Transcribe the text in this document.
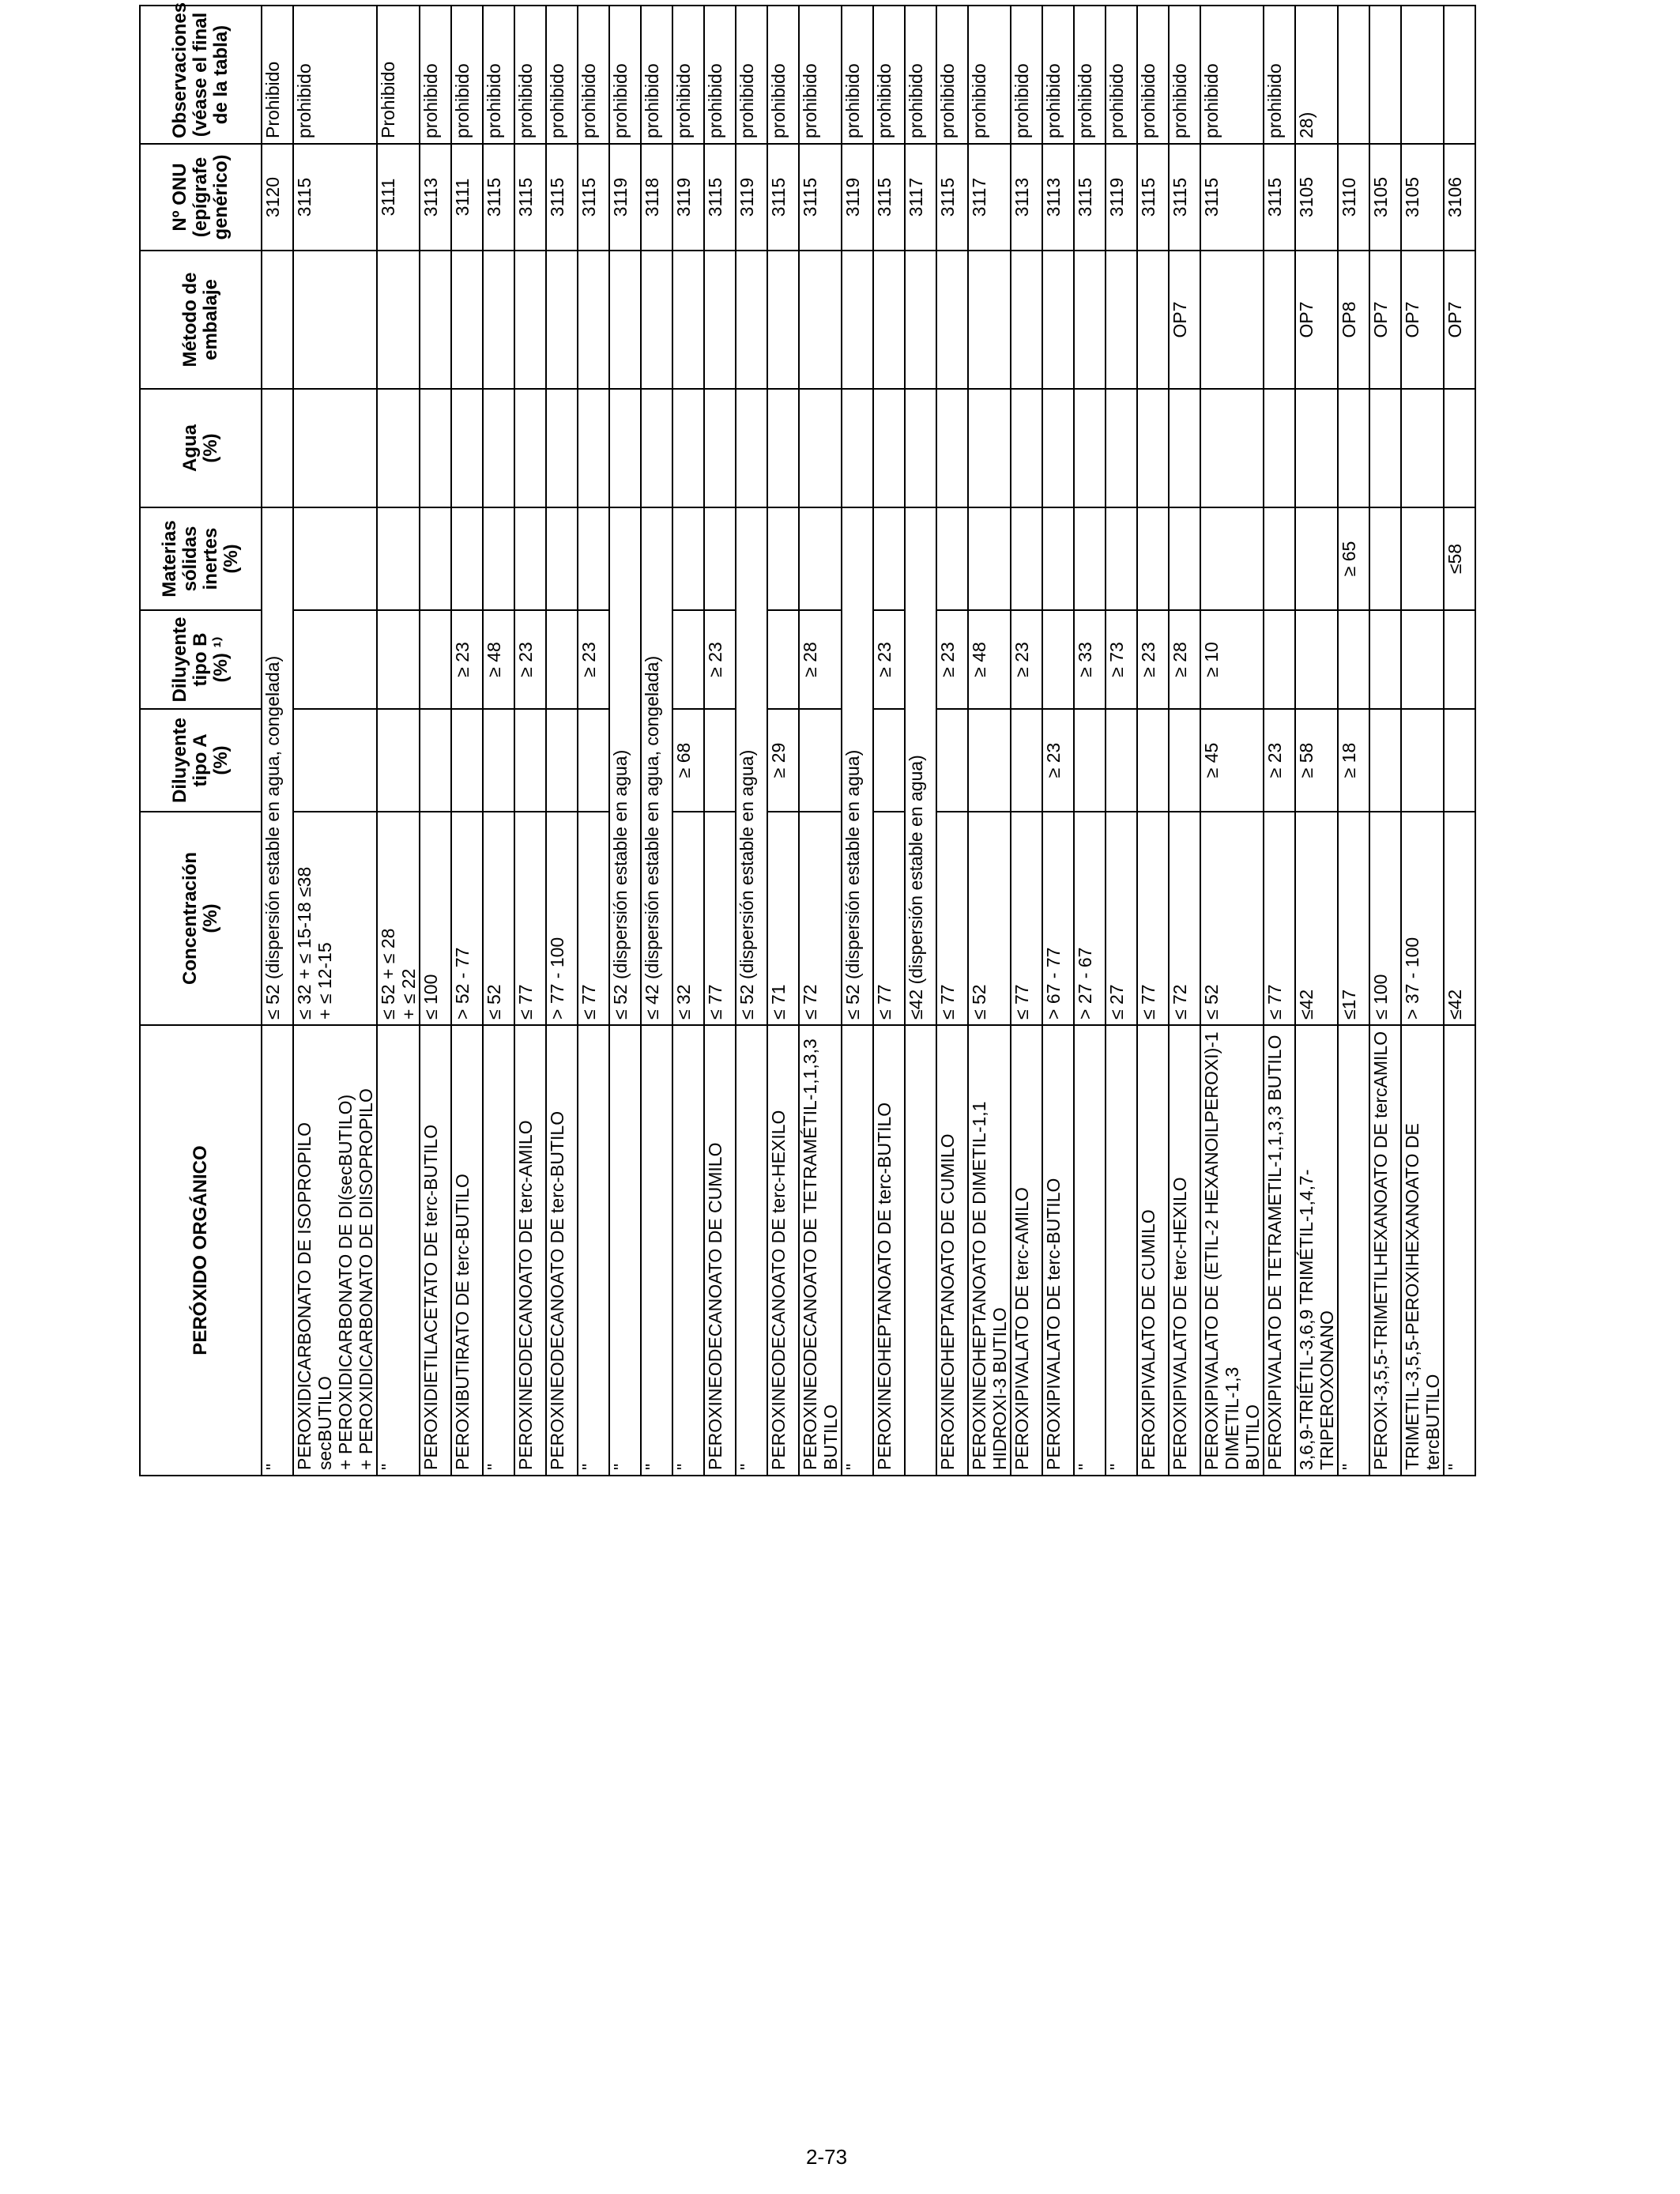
PERÓXIDO ORGÁNICO	Concentración
(%)	Diluyente
tipo A
(%)	Diluyente
tipo B
(%) ¹⁾	Materias
sólidas
inertes
(%)	Agua
(%)	Método de
embalaje	Nº ONU
(epígrafe
genérico)	Observaciones
(véase el final
de la tabla)
"	≤ 52 (dispersión estable en agua, congelada)						3120	Prohibido
PEROXIDICARBONATO DE ISOPROPILO secBUTILO
+ PEROXIDICARBONATO DE DI(secBUTILO)
+ PEROXIDICARBONATO DE DIISOPROPILO	≤ 32 + ≤ 15-18 ≤38
+ ≤ 12-15						3115	prohibido
"	≤ 52 + ≤ 28
+ ≤ 22						3111	Prohibido
PEROXIDIETILACETATO DE terc-BUTILO	≤ 100						3113	prohibido
PEROXIBUTIRATO DE terc-BUTILO	> 52 - 77		≥ 23				3111	prohibido
"	≤ 52		≥ 48				3115	prohibido
PEROXINEODECANOATO DE terc-AMILO	≤ 77		≥ 23				3115	prohibido
PEROXINEODECANOATO DE terc-BUTILO	> 77 - 100						3115	prohibido
"	≤ 77		≥ 23				3115	prohibido
"	≤ 52 (dispersión estable en agua)						3119	prohibido
"	≤ 42 (dispersión estable en agua, congelada)						3118	prohibido
"	≤ 32	≥ 68					3119	prohibido
PEROXINEODECANOATO DE CUMILO	≤ 77		≥ 23				3115	prohibido
"	≤ 52 (dispersión estable en agua)						3119	prohibido
PEROXINEODECANOATO DE terc-HEXILO	≤ 71	≥ 29					3115	prohibido
PEROXINEODECANOATO DE TETRAMÉTIL-1,1,3,3 BUTILO	≤ 72		≥ 28				3115	prohibido
"	≤ 52 (dispersión estable en agua)						3119	prohibido
PEROXINEOHEPTANOATO DE terc-BUTILO	≤ 77		≥ 23				3115	prohibido
	≤42 (dispersión estable en agua)						3117	prohibido
PEROXINEOHEPTANOATO DE CUMILO	≤ 77		≥ 23				3115	prohibido
PEROXINEOHEPTANOATO DE DIMETIL-1,1 HIDROXI-3 BUTILO	≤ 52		≥ 48				3117	prohibido
PEROXIPIVALATO DE terc-AMILO	≤ 77		≥ 23				3113	prohibido
PEROXIPIVALATO DE terc-BUTILO	> 67 - 77	≥ 23					3113	prohibido
"	> 27 - 67		≥ 33				3115	prohibido
"	≤ 27		≥ 73				3119	prohibido
PEROXIPIVALATO DE CUMILO	≤ 77		≥ 23				3115	prohibido
PEROXIPIVALATO DE terc-HEXILO	≤ 72		≥ 28			OP7	3115	prohibido
PEROXIPIVALATO DE (ETIL-2 HEXANOILPEROXI)-1 DIMETIL-1,3
BUTILO	≤ 52	≥ 45	≥ 10				3115	prohibido
PEROXIPIVALATO DE TETRAMETIL-1,1,3,3 BUTILO	≤ 77	≥ 23					3115	prohibido
3,6,9-TRIÉTIL-3,6,9 TRIMÉTIL-1,4,7-TRIPEROXONANO	≤42	≥ 58				OP7	3105	28)
"	≤17	≥ 18		≥ 65		OP8	3110	
PEROXI-3,5,5-TRIMETILHEXANOATO DE tercAMILO	≤ 100					OP7	3105	
TRIMETIL-3,5,5-PEROXIHEXANOATO DE tercBUTILO	> 37 - 100					OP7	3105	
"	≤42			≤58		OP7	3106	
2-73
